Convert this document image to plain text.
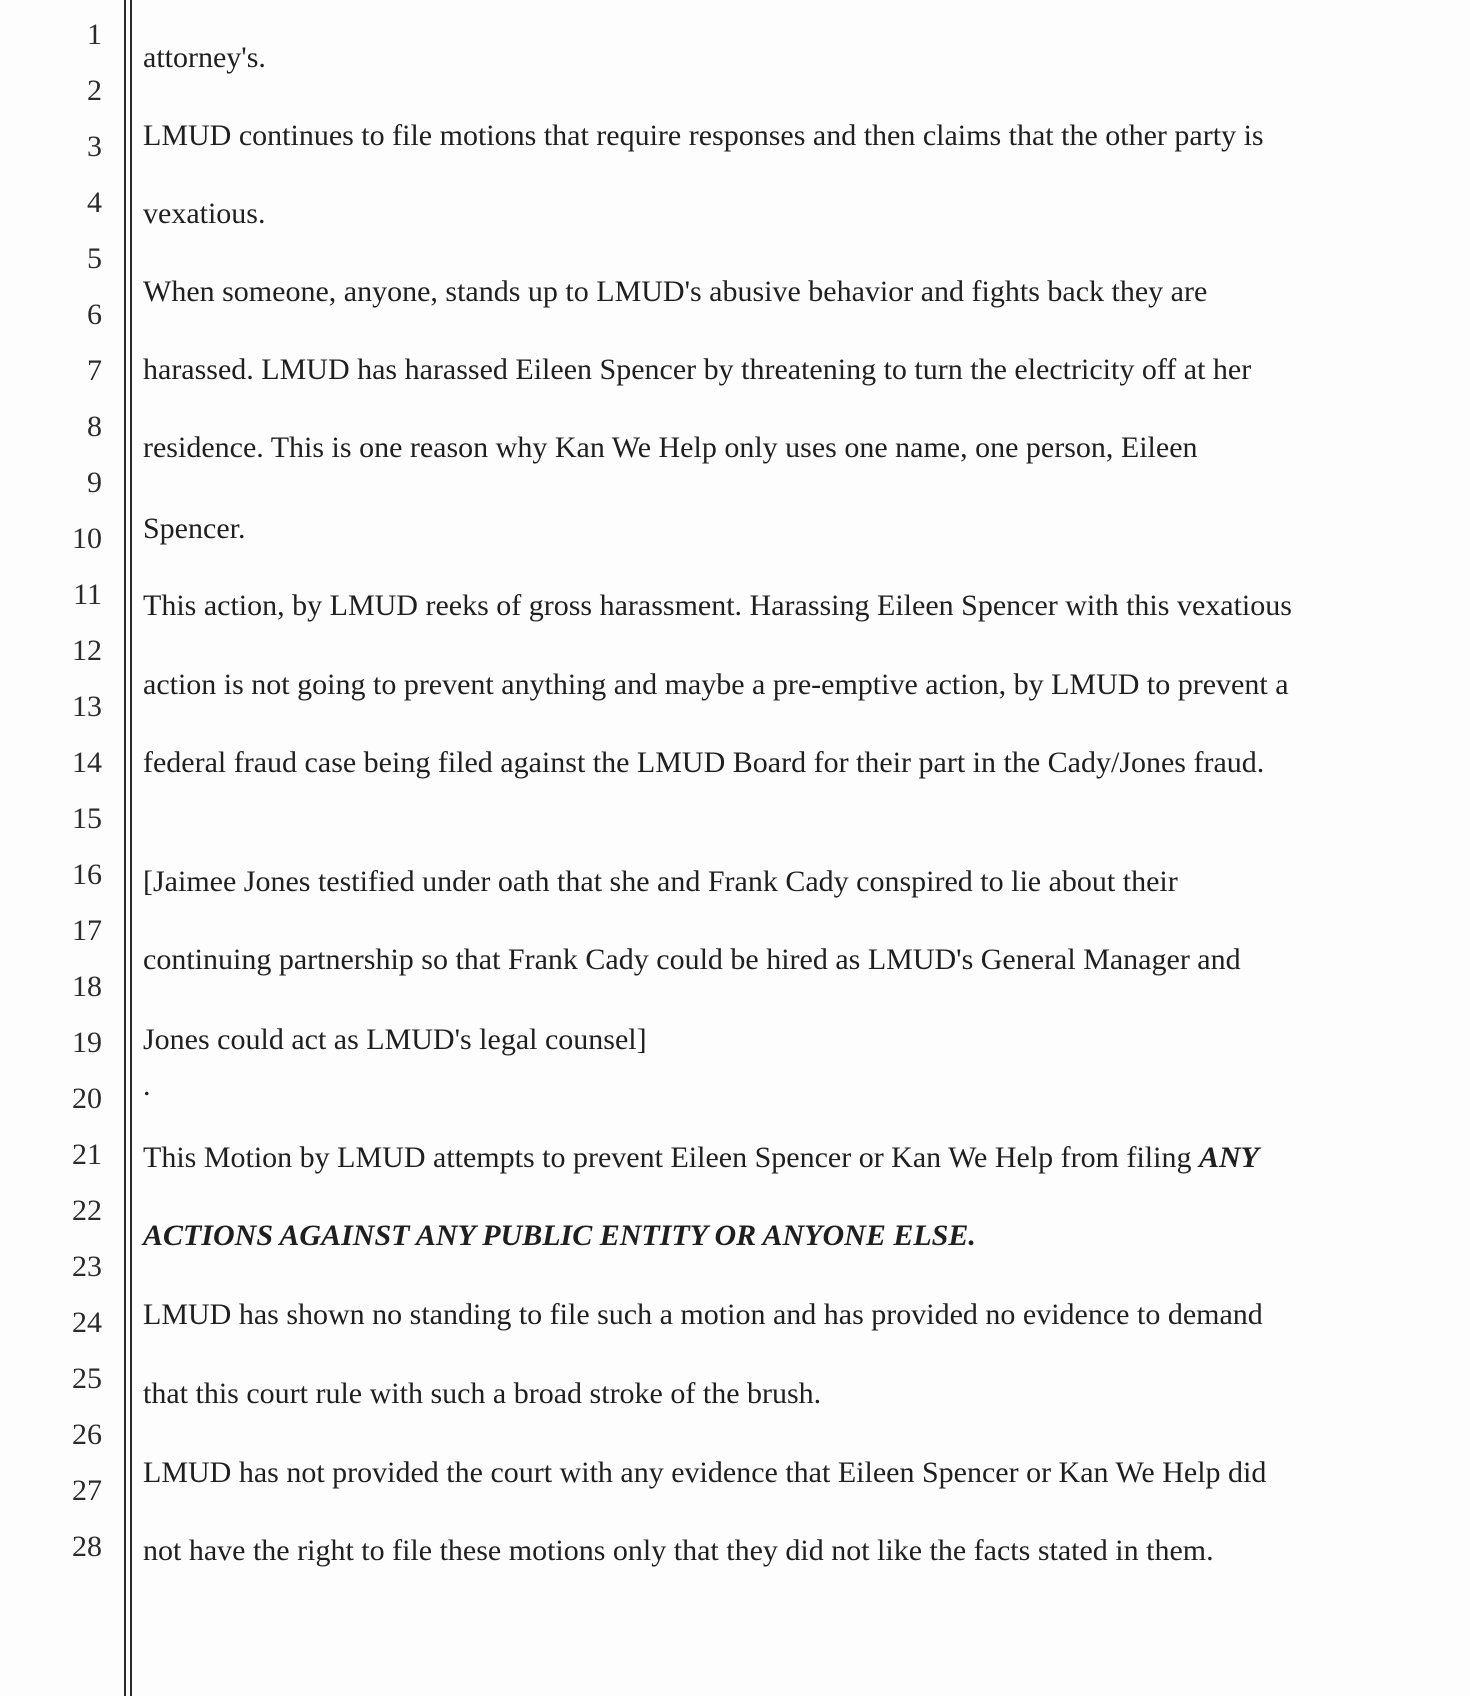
1
2
3
4
5
6
7
8
9
10
11
12
13
14
15
16
17
18
19
20
21
22
23
24
25
26
27
28
attorney's.
LMUD continues to file motions that require responses and then claims that the other party is
vexatious.
When someone, anyone, stands up to LMUD's abusive behavior and fights back they are
harassed. LMUD has harassed Eileen Spencer by threatening to turn the electricity off at her
residence. This is one reason why Kan We Help only uses one name, one person, Eileen
Spencer.
This action, by LMUD reeks of gross harassment. Harassing Eileen Spencer with this vexatious
action is not going to prevent anything and maybe a pre-emptive action, by LMUD to prevent a
federal fraud case being filed against the LMUD Board for their part in the Cady/Jones fraud.
[Jaimee Jones testified under oath that she and Frank Cady conspired to lie about their
continuing partnership so that Frank Cady could be hired as LMUD's General Manager and
Jones could act as LMUD's legal counsel]
.
This Motion by LMUD attempts to prevent Eileen Spencer or Kan We Help from filing ANY
ACTIONS AGAINST ANY PUBLIC ENTITY OR ANYONE ELSE.
LMUD has shown no standing to file such a motion and has provided no evidence to demand
that this court rule with such a broad stroke of the brush.
LMUD has not provided the court with any evidence that Eileen Spencer or Kan We Help did
not have the right to file these motions only that they did not like the facts stated in them.
